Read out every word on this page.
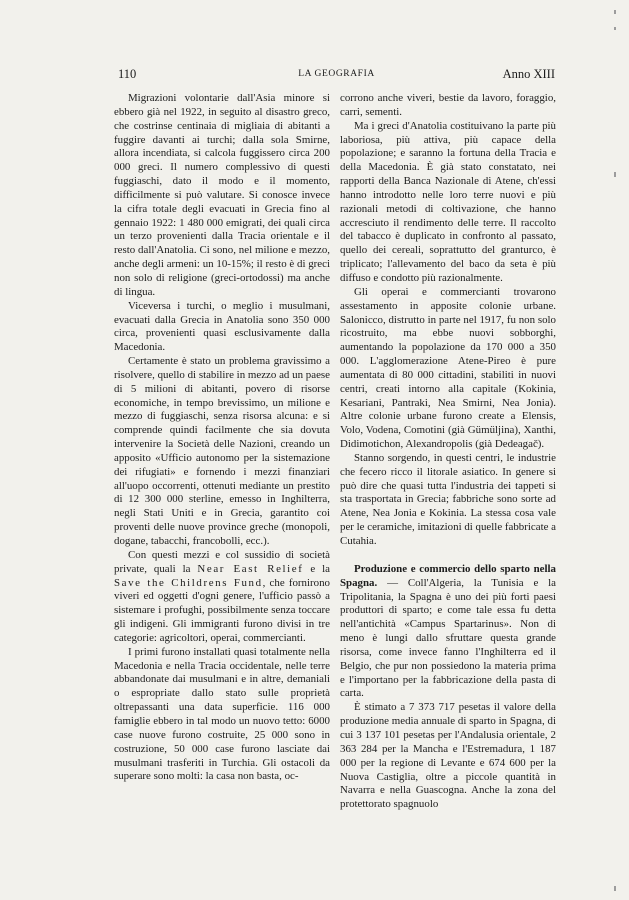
110	LA GEOGRAFIA	Anno XIII

Migrazioni volontarie dall'Asia minore si ebbero già nel 1922, in seguito al disastro greco, che costrinse centinaia di migliaia di abitanti a fuggire davanti ai turchi; dalla sola Smirne, allora incendiata, si calcola fuggissero circa 200 000 greci. Il numero complessivo di questi fuggiaschi, dato il modo e il momento, difficilmente si può valutare. Si conosce invece la cifra totale degli evacuati in Grecia fino al gennaio 1922: 1 480 000 emigrati, dei quali circa un terzo provenienti dalla Tracia orientale e il resto dall'Anatolia. Ci sono, nel milione e mezzo, anche degli armeni: un 10-15%; il resto è di greci non solo di religione (greci-ortodossi) ma anche di lingua.

Viceversa i turchi, o meglio i musulmani, evacuati dalla Grecia in Anatolia sono 350 000 circa, provenienti quasi esclusivamente dalla Macedonia.

Certamente è stato un problema gravissimo a risolvere, quello di stabilire in mezzo ad un paese di 5 milioni di abitanti, povero di risorse economiche, in tempo brevissimo, un milione e mezzo di fuggiaschi, senza risorsa alcuna: e si comprende quindi facilmente che sia dovuta intervenire la Società delle Nazioni, creando un apposito «Ufficio autonomo per la sistemazione dei rifugiati» e fornendo i mezzi finanziari all'uopo occorrenti, ottenuti mediante un prestito di 12 300 000 sterline, emesso in Inghilterra, negli Stati Uniti e in Grecia, garantito coi proventi delle nuove province greche (monopoli, dogane, tabacchi, francobolli, ecc.).

Con questi mezzi e col sussidio di società private, quali la Near East Relief e la Save the Childrens Fund, che fornirono viveri ed oggetti d'ogni genere, l'ufficio passò a sistemare i profughi, possibilmente senza toccare gli indigeni. Gli immigranti furono divisi in tre categorie: agricoltori, operai, commercianti.

I primi furono installati quasi totalmente nella Macedonia e nella Tracia occidentale, nelle terre abbandonate dai musulmani e in altre, demaniali o espropriate dallo stato sulle proprietà oltrepassanti una data superficie. 116 000 famiglie ebbero in tal modo un nuovo tetto: 6000 case nuove furono costruite, 25 000 sono in costruzione, 50 000 case furono lasciate dai musulmani trasferiti in Turchia. Gli ostacoli da superare sono molti: la casa non basta, oc-

corrono anche viveri, bestie da lavoro, foraggio, carri, sementi.

Ma i greci d'Anatolia costituivano la parte più laboriosa, più attiva, più capace della popolazione; e saranno la fortuna della Tracia e della Macedonia. È già stato constatato, nei rapporti della Banca Nazionale di Atene, ch'essi hanno introdotto nelle loro terre nuovi e più razionali metodi di coltivazione, che hanno accresciuto il rendimento delle terre. Il raccolto del tabacco è duplicato in confronto al passato, quello dei cereali, soprattutto del granturco, è triplicato; l'allevamento del baco da seta è più diffuso e condotto più razionalmente.

Gli operai e commercianti trovarono assestamento in apposite colonie urbane. Salonicco, distrutto in parte nel 1917, fu non solo ricostruito, ma ebbe nuovi sobborghi, aumentando la popolazione da 170 000 a 350 000. L'agglomerazione Atene-Pireo è pure aumentata di 80 000 cittadini, stabiliti in nuovi centri, creati intorno alla capitale (Kokinia, Kesariani, Pantraki, Nea Smirni, Nea Jonia). Altre colonie urbane furono create a Elensis, Volo, Vodena, Comotini (già Gümüljina), Xanthi, Didimotichon, Alexandropolis (già Dedeagač).

Stanno sorgendo, in questi centri, le industrie che fecero ricco il litorale asiatico. In genere si può dire che quasi tutta l'industria dei tappeti si sta trasportata in Grecia; fabbriche sono sorte ad Atene, Nea Jonia e Kokinia. La stessa cosa vale per le ceramiche, imitazioni di quelle fabbricate a Cutahia.

Produzione e commercio dello sparto nella Spagna. — Coll'Algeria, la Tunisia e la Tripolitania, la Spagna è uno dei più forti paesi produttori di sparto; e come tale essa fu detta nell'antichità «Campus Spartarinus». Non di meno è lungi dallo sfruttare questa grande risorsa, come invece fanno l'Inghilterra ed il Belgio, che pur non possiedono la materia prima e l'importano per la fabbricazione della pasta di carta.

È stimato a 7 373 717 pesetas il valore della produzione media annuale di sparto in Spagna, di cui 3 137 101 pesetas per l'Andalusia orientale, 2 363 284 per la Mancha e l'Estremadura, 1 187 000 per la regione di Levante e 674 600 per la Nuova Castiglia, oltre a piccole quantità in Navarra e nella Guascogna. Anche la zona del protettorato spagnuolo
